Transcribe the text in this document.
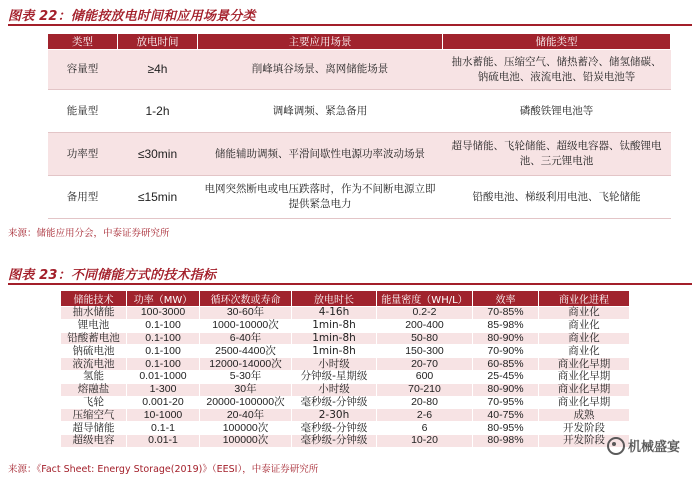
图表 22：储能按放电时间和应用场景分类
类型	放电时间	主要应用场景	储能类型
容量型	≥4h	削峰填谷场景、离网储能场景	抽水蓄能、压缩空气、储热蓄冷、储氢储碳、钠硫电池、液流电池、铅炭电池等
能量型	1-2h	调峰调频、紧急备用	磷酸铁锂电池等
功率型	≤30min	储能辅助调频、平滑间歇性电源功率波动场景	超导储能、飞轮储能、超级电容器、钛酸锂电池、三元锂电池
备用型	≤15min	电网突然断电或电压跌落时，作为不间断电源立即提供紧急电力	铅酸电池、梯级利用电池、飞轮储能
来源：储能应用分会，中泰证券研究所
图表 23：不同储能方式的技术指标
储能技术	功率（MW）	循环次数或寿命	放电时长	能量密度（WH/L）	效率	商业化进程
抽水储能	100-3000	30-60年	4-16h	0.2-2	70-85%	商业化
锂电池	0.1-100	1000-10000次	1min-8h	200-400	85-98%	商业化
铅酸蓄电池	0.1-100	6-40年	1min-8h	50-80	80-90%	商业化
钠硫电池	0.1-100	2500-4400次	1min-8h	150-300	70-90%	商业化
液流电池	0.1-100	12000-14000次	小时级	20-70	60-85%	商业化早期
氢能	0.01-1000	5-30年	分钟级-星期级	600	25-45%	商业化早期
熔融盐	1-300	30年	小时级	70-210	80-90%	商业化早期
飞轮	0.001-20	20000-100000次	毫秒级-分钟级	20-80	70-95%	商业化早期
压缩空气	10-1000	20-40年	2-30h	2-6	40-75%	成熟
超导储能	0.1-1	100000次	毫秒级-分钟级	6	80-95%	开发阶段
超级电容	0.01-1	100000次	毫秒级-分钟级	10-20	80-98%	开发阶段
来源：《Fact Sheet: Energy Storage(2019)》（EESI），中泰证券研究所
机械盛宴
